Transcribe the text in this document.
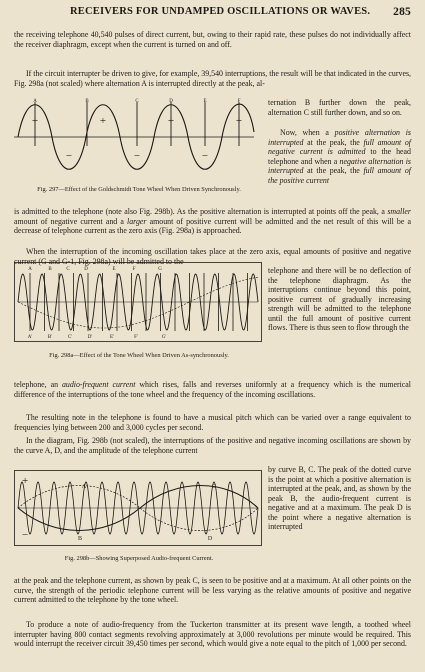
RECEIVERS FOR UNDAMPED OSCILLATIONS OR WAVES. 285

the receiving telephone 40,540 pulses of direct current, but, owing to their rapid rate, these pulses do not individually affect the receiver diaphragm, except when the current is turned on and off.

If the circuit interrupter be driven to give, for example, 39,540 interruptions, the result will be that indicated in the curves, Fig. 298a (not scaled) where alternation A is interrupted directly at the peak, al-

ternation B further down the peak, alternation C still further down, and so on.

Now, when a positive alternation is interrupted at the peak, the full amount of negative current is admitted to the head telephone and when a negative alternation is interrupted at the peak, the full amount of the positive current

A	B	C	D	E	F
+	+	+	+
−	−	−
Fig. 297—Effect of the Goldschmidt Tone Wheel When Driven Synchronously.

is admitted to the telephone (note also Fig. 298b). As the positive alternation is interrupted at points off the peak, a smaller amount of negative current and a larger amount of positive current will be admitted and the net result of this will be a decrease of telephone current as the zero axis (Fig. 298a) is approached.

When the interruption of the incoming oscillation takes place at the zero axis, equal amounts of positive and negative current (G and G-1, Fig. 298a) will be admitted to the

telephone and there will be no deflection of the telephone diaphragm. As the interruptions continue beyond this point, positive current of gradually increasing strength will be admitted to the telephone until the full amount of positive current flows. There is thus seen to flow through the

A	B	C	D	E	F	G
A'	B'	C'	D'	E'	F'	G'
Fig. 298a—Effect of the Tone Wheel When Driven As-synchronously.

telephone, an audio-frequent current which rises, falls and reverses uniformly at a frequency which is the numerical difference of the interruptions of the tone wheel and the frequency of the incoming oscillations.

The resulting note in the telephone is found to have a musical pitch which can be varied over a range equivalent to frequencies lying between 200 and 3,000 cycles per second.

In the diagram, Fig. 298b (not scaled), the interruptions of the positive and negative incoming oscillations are shown by the curve A, D, and the amplitude of the telephone current

by curve B, C. The peak of the dotted curve is the point at which a positive alternation is interrupted at the peak, and, as shown by the peak B, the audio-frequent current is negative and at a maximum. The peak D is the point where a negative alternation is interrupted

+
−
A	C
B	D
Fig. 298b—Showing Superposed Audio-frequent Current.

at the peak and the telephone current, as shown by peak C, is seen to be positive and at a maximum. At all other points on the curve, the strength of the periodic telephone current will be less varying as the relative amounts of positive and negative current admitted to the telephone by the tone wheel.

To produce a note of audio-frequency from the Tuckerton transmitter at its present wave length, a toothed wheel interrupter having 800 contact segments revolving approximately at 3,000 revolutions per minute would be required. This would interrupt the receiver circuit 39,450 times per second, which would give a note equal to the pitch of 1,000 per second.
